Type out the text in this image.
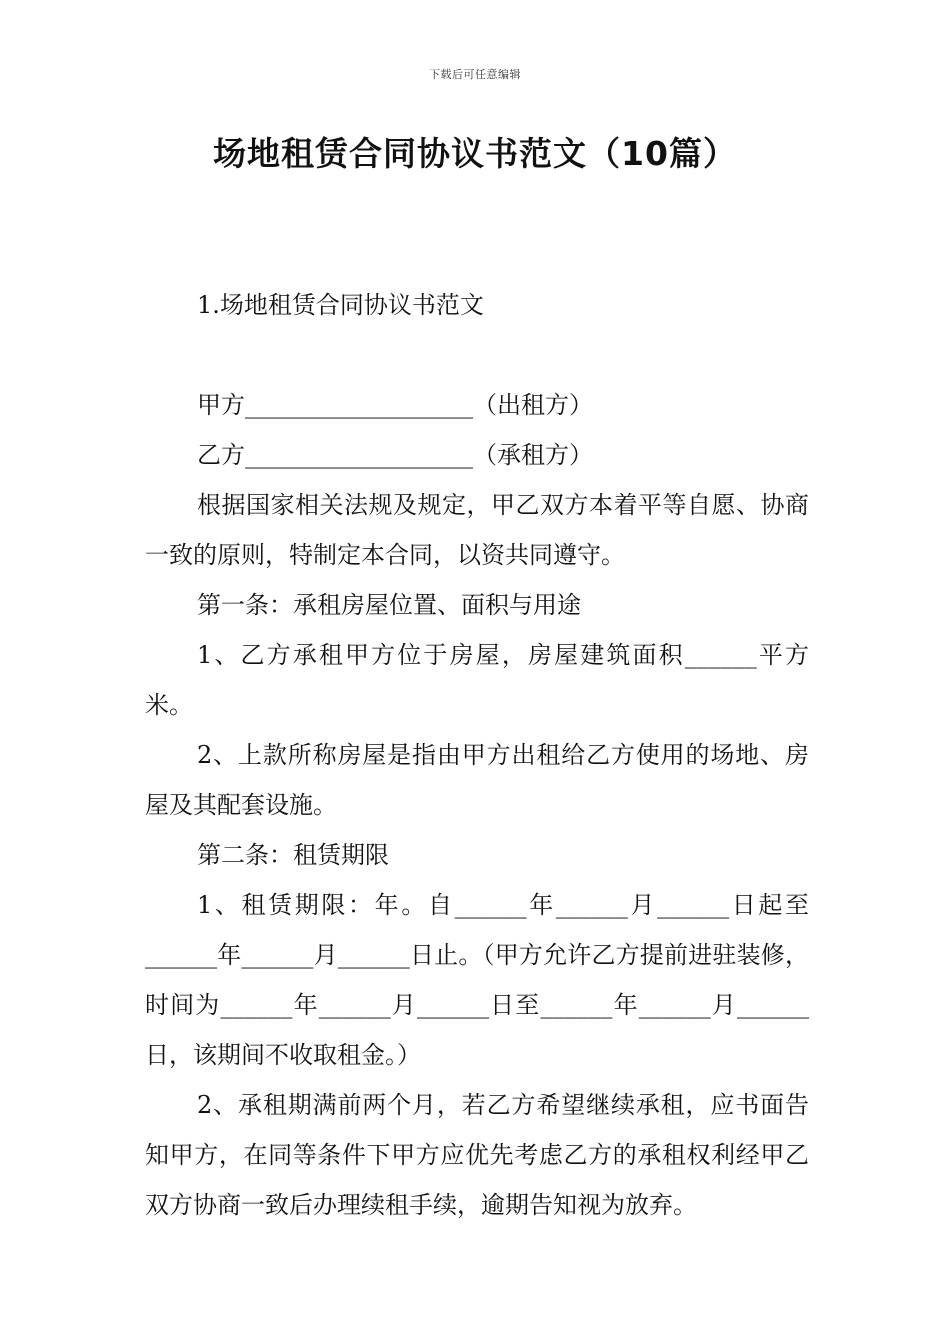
下载后可任意编辑
场地租赁合同协议书范文（10篇）
1.场地租赁合同协议书范文

甲方___________________（出租方）

乙方___________________（承租方）

根据国家相关法规及规定，甲乙双方本着平等自愿、协商一致的原则，特制定本合同，以资共同遵守。

第一条：承租房屋位置、面积与用途

1、乙方承租甲方位于房屋，房屋建筑面积______平方米。

2、上款所称房屋是指由甲方出租给乙方使用的场地、房屋及其配套设施。

第二条：租赁期限

1、租赁期限：年。自______年______月______日起至______年______月______日止。（甲方允许乙方提前进驻装修，时间为______年______月______日至______年______月______日，该期间不收取租金。）

2、承租期满前两个月，若乙方希望继续承租，应书面告知甲方，在同等条件下甲方应优先考虑乙方的承租权利经甲乙双方协商一致后办理续租手续，逾期告知视为放弃。
